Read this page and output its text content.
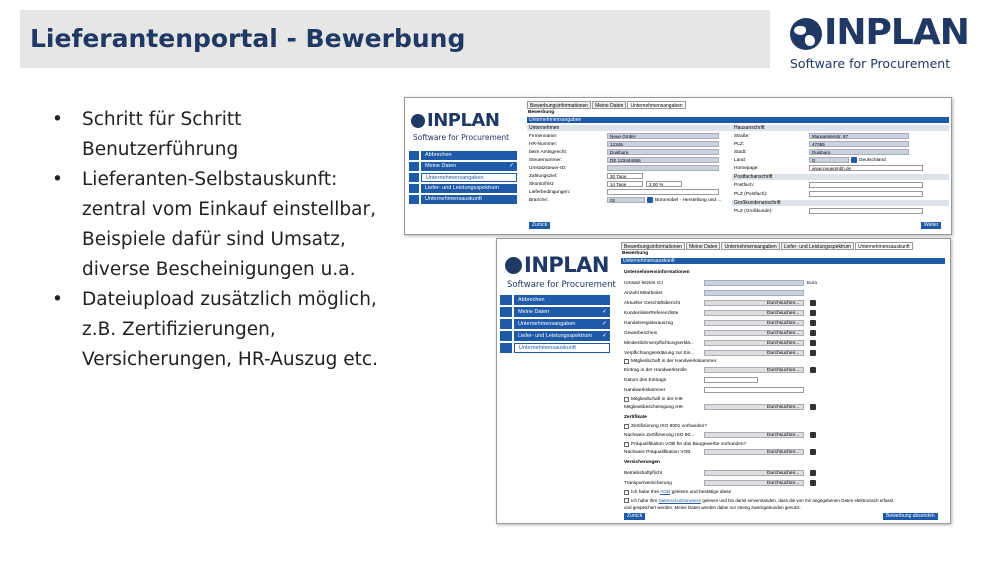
Lieferantenportal - Bewerbung	INPLAN
Software for Procurement
• Schritt für Schritt Benutzerführung
• Lieferanten-Selbstauskunft: zentral vom Einkauf einstellbar, Beispiele dafür sind Umsatz, diverse Bescheinigungen u.a.
• Dateiupload zusätzlich möglich, z.B. Zertifizierungen, Versicherungen, HR-Auszug etc.
INPLAN
Software for Procurement
Abbrechen
Meine Daten	✓
Unternehmensangaben
Liefer- und Leistungsspektrum
Unternehmensauskunft
Bewerbungsinformationen	Meine Daten	Unternehmensangaben
Bewerbung
Unternehmensangaben
Unternehmen	Hausanschrift
Firmenname:	Neue GmbH
HR-Nummer:	12345
beim Amtsgericht:	Duisburg
Steuernummer:	DE 123444856
Umsatzsteuer-ID:
Zahlungsziel:	30 Tage
Skonto/frist:	14 Tage	2,00 %
Lieferbedingungen:
Branche:	02	Büromöbel - Herstellung und ...
Straße:	Margaretenstr. 87
PLZ:	47055
Stadt:	Duisburg
Land:	D	Deutschland
Homepage:	www.neuegmbh.de
Postfachanschrift
Postfach:
PLZ (Postfach):
Großkundenanschrift
PLZ (Großkunde):
Zurück	Weiter
INPLAN
Software for Procurement
Abbrechen
Meine Daten	✓
Unternehmensangaben	✓
Liefer- und Leistungsspektrum ✓
Unternehmensauskunft
Bewerbungsinformationen	Meine Daten	Unternehmensangaben	Liefer- und Leistungsspektrum	Unternehmensauskunft
Bewerbung
Unternehmensauskunft
Unternehmensinformationen
Umsatz letztes GJ	Euro
Anzahl Mitarbeiter
Aktueller Geschäftsbericht	Durchsuchen...
Kundenliste/Referenzliste	Durchsuchen...
Handelsregisterauszug	Durchsuchen...
Gewerbeschein	Durchsuchen...
Mindestlohnverpflichtungserklä...	Durchsuchen...
Verpflichtungserklärung zur Ein...	Durchsuchen...
Mitgliedschaft in der Handwerkskammer
Eintrag in der Handwerksrolle	Durchsuchen...
Datum des Eintrags
Handwerkskammer
Mitgliedschaft in der IHK
Mitgliedsbescheinigung IHK	Durchsuchen...
Zertifikate
Zertifizierung ISO 9001 vorhanden?
Nachweis Zertifizierung ISO 90...	Durchsuchen...
Präqualifikation VOB für das Baugewerbe vorhanden?
Nachweis Präqualifikation VOB	Durchsuchen...
Versicherungen
Betriebshaftpflicht	Durchsuchen...
Transportversicherung	Durchsuchen...
Ich habe Ihre AGB gelesen und bestätige diese
Ich habe Ihre Datenschutzhinweise gelesen und bin damit einverstanden, dass die von mir angegebenen Daten elektronisch erfasst
und gespeichert werden. Meine Daten werden dabei nur streng zweckgebunden genutzt.
Zurück	Bewerbung absenden
